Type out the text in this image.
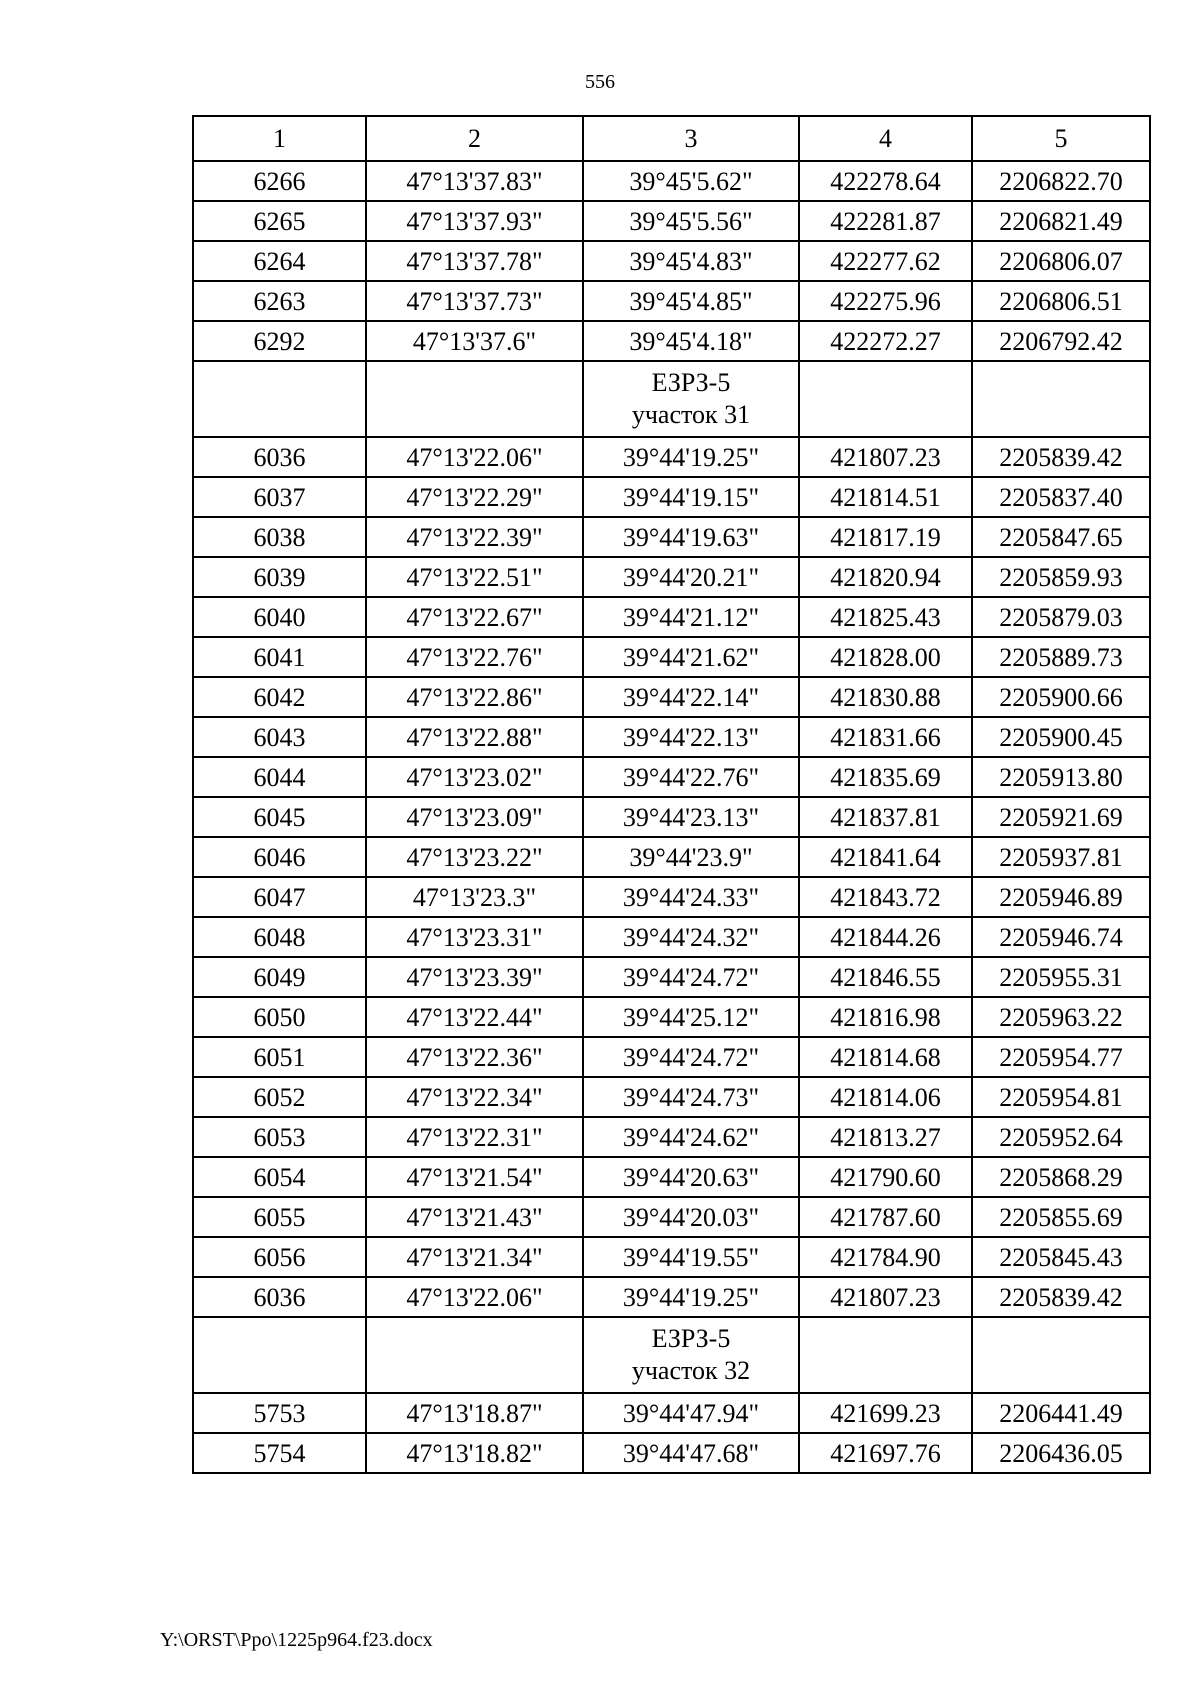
556
1	2	3	4	5
6266	47°13'37.83"	39°45'5.62"	422278.64	2206822.70
6265	47°13'37.93"	39°45'5.56"	422281.87	2206821.49
6264	47°13'37.78"	39°45'4.83"	422277.62	2206806.07
6263	47°13'37.73"	39°45'4.85"	422275.96	2206806.51
6292	47°13'37.6"	39°45'4.18"	422272.27	2206792.42

		ЕЗРЗ-5
участок 31		

6036	47°13'22.06"	39°44'19.25"	421807.23	2205839.42
6037	47°13'22.29"	39°44'19.15"	421814.51	2205837.40
6038	47°13'22.39"	39°44'19.63"	421817.19	2205847.65
6039	47°13'22.51"	39°44'20.21"	421820.94	2205859.93
6040	47°13'22.67"	39°44'21.12"	421825.43	2205879.03
6041	47°13'22.76"	39°44'21.62"	421828.00	2205889.73
6042	47°13'22.86"	39°44'22.14"	421830.88	2205900.66
6043	47°13'22.88"	39°44'22.13"	421831.66	2205900.45
6044	47°13'23.02"	39°44'22.76"	421835.69	2205913.80
6045	47°13'23.09"	39°44'23.13"	421837.81	2205921.69
6046	47°13'23.22"	39°44'23.9"	421841.64	2205937.81
6047	47°13'23.3"	39°44'24.33"	421843.72	2205946.89
6048	47°13'23.31"	39°44'24.32"	421844.26	2205946.74
6049	47°13'23.39"	39°44'24.72"	421846.55	2205955.31
6050	47°13'22.44"	39°44'25.12"	421816.98	2205963.22
6051	47°13'22.36"	39°44'24.72"	421814.68	2205954.77
6052	47°13'22.34"	39°44'24.73"	421814.06	2205954.81
6053	47°13'22.31"	39°44'24.62"	421813.27	2205952.64
6054	47°13'21.54"	39°44'20.63"	421790.60	2205868.29
6055	47°13'21.43"	39°44'20.03"	421787.60	2205855.69
6056	47°13'21.34"	39°44'19.55"	421784.90	2205845.43
6036	47°13'22.06"	39°44'19.25"	421807.23	2205839.42

		ЕЗРЗ-5
участок 32		

5753	47°13'18.87"	39°44'47.94"	421699.23	2206441.49
5754	47°13'18.82"	39°44'47.68"	421697.76	2206436.05
Y:\ORST\Ppo\1225p964.f23.docx
